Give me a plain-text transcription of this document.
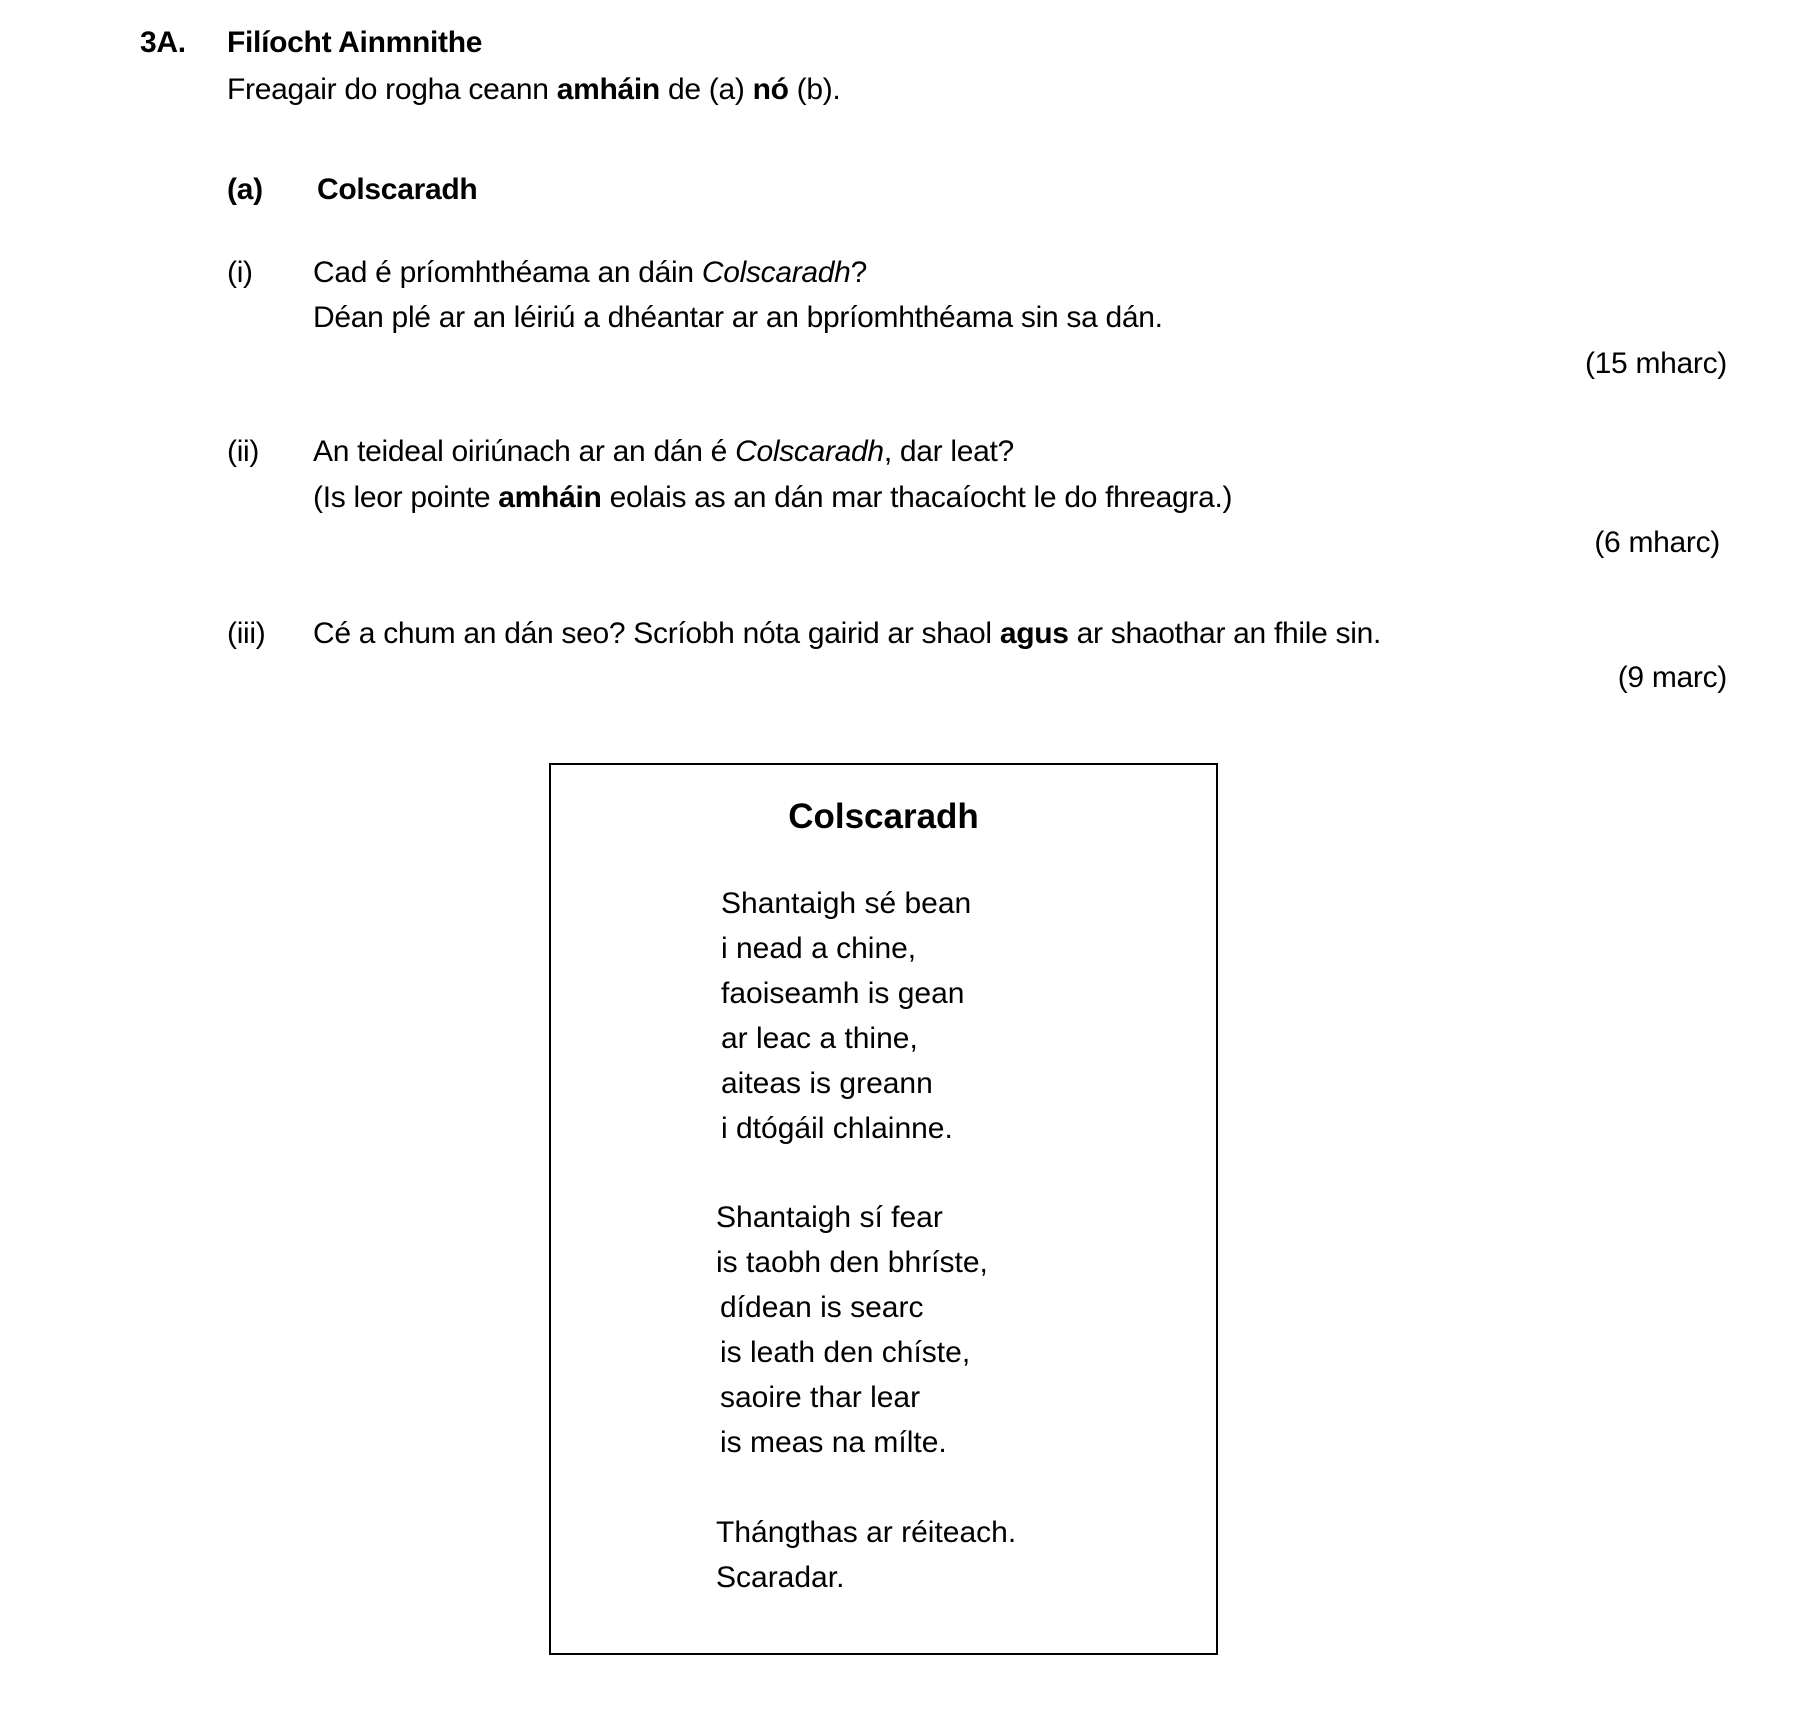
3A. Filíocht Ainmnithe
Freagair do rogha ceann amháin de (a) nó (b).
(a) Colscaradh
(i) Cad é príomhthéama an dáin Colscaradh?
Déan plé ar an léiriú a dhéantar ar an bpríomhthéama sin sa dán.
(15 mharc)
(ii) An teideal oiriúnach ar an dán é Colscaradh, dar leat?
(Is leor pointe amháin eolais as an dán mar thacaíocht le do fhreagra.)
(6 mharc)
(iii) Cé a chum an dán seo? Scríobh nóta gairid ar shaol agus ar shaothar an fhile sin.
(9 marc)
Colscaradh
Shantaigh sé bean
i nead a chine,
faoiseamh is gean
ar leac a thine,
aiteas is greann
i dtógáil chlainne.
Shantaigh sí fear
is taobh den bhríste,
dídean is searc
is leath den chíste,
saoire thar lear
is meas na mílte.
Thángthas ar réiteach.
Scaradar.
